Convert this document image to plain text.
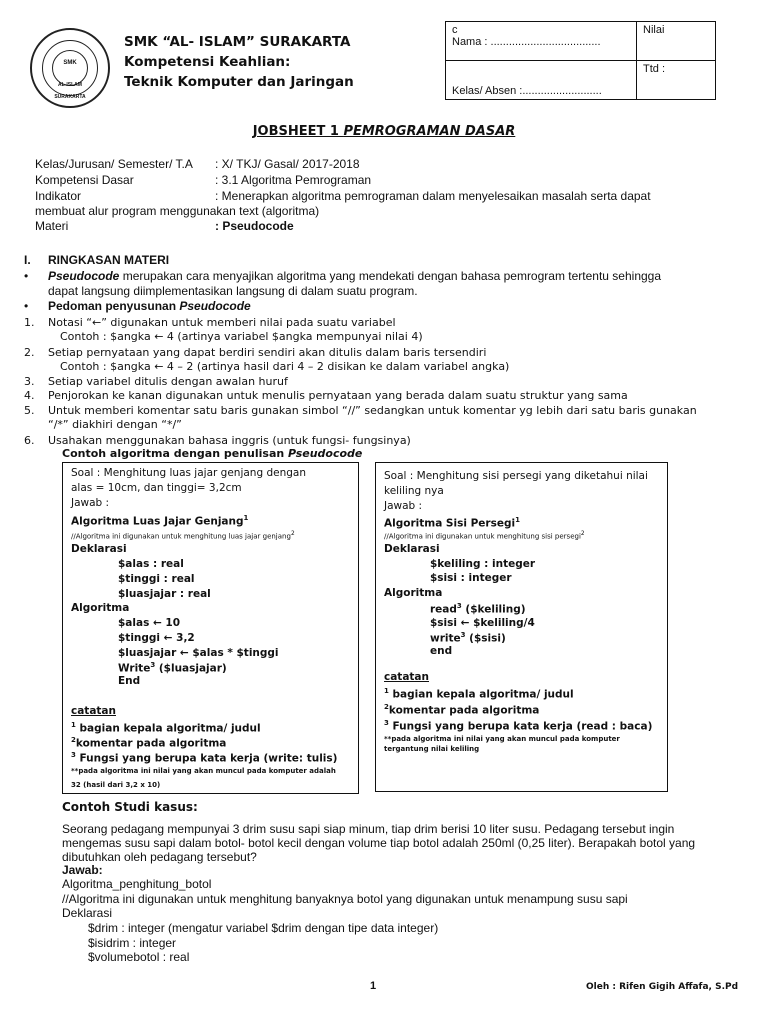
SMK
AL-ISLAM
SURAKARTA
SMK “AL- ISLAM” SURAKARTA
Kompetensi Keahlian:
Teknik Komputer dan Jaringan
c
Nama : ....................................	Nilai
Kelas/ Absen :..........................	Ttd :
JOBSHEET 1 PEMROGRAMAN DASAR
Kelas/Jurusan/ Semester/ T.A : X/ TKJ/ Gasal/ 2017-2018
Kompetensi Dasar	: 3.1 Algoritma Pemrograman
Indikator	: Menerapkan algoritma pemrograman dalam menyelesaikan masalah serta dapat
membuat alur program menggunakan text (algoritma)
Materi	: Pseudocode
I. RINGKASAN MATERI
• Pseudocode merupakan cara menyajikan algoritma yang mendekati dengan bahasa pemrogram tertentu sehingga
dapat langsung diimplementasikan langsung di dalam suatu program.
• Pedoman penyusunan Pseudocode
1. Notasi “←” digunakan untuk memberi nilai pada suatu variabel
Contoh : $angka ← 4 (artinya variabel $angka mempunyai nilai 4)
2. Setiap pernyataan yang dapat berdiri sendiri akan ditulis dalam baris tersendiri
Contoh : $angka ← 4 – 2 (artinya hasil dari 4 – 2 disikan ke dalam variabel angka)
3. Setiap variabel ditulis dengan awalan huruf
4. Penjorokan ke kanan digunakan untuk menulis pernyataan yang berada dalam suatu struktur yang sama
5. Untuk memberi komentar satu baris gunakan simbol “//” sedangkan untuk komentar yg lebih dari satu baris gunakan
“/*” diakhiri dengan “*/”
6. Usahakan menggunakan bahasa inggris (untuk fungsi- fungsinya)
Contoh algoritma dengan penulisan Pseudocode
Soal : Menghitung luas jajar genjang dengan
alas = 10cm, dan tinggi= 3,2cm
Jawab :
Algoritma Luas Jajar Genjang$^1$
//Algoritma ini digunakan untuk menghitung luas jajar genjang$^2$
Deklarasi
$alas : real
$tinggi : real
$luasjajar : real
Algoritma
$alas ← 10
$tinggi ← 3,2
$luasjajar ← $alas * $tinggi
Write$^3$ ($luasjajar)
End
catatan
$^1$ bagian kepala algoritma/ judul
$^2$komentar pada algoritma
$^3$ Fungsi yang berupa kata kerja (write: tulis)
**pada algoritma ini nilai yang akan muncul pada komputer adalah
32 (hasil dari 3,2 x 10)
Soal : Menghitung sisi persegi yang diketahui nilai
keliling nya
Jawab :
Algoritma Sisi Persegi$^1$
//Algoritma ini digunakan untuk menghitung sisi persegi$^2$
Deklarasi
$keliling : integer
$sisi : integer
Algoritma
read$^3$ ($keliling)
$sisi ← $keliling/4
write$^3$ ($sisi)
end
catatan
$^1$ bagian kepala algoritma/ judul
$^2$komentar pada algoritma
$^3$ Fungsi yang berupa kata kerja (read : baca)
**pada algoritma ini nilai yang akan muncul pada komputer
tergantung nilai keliling
Contoh Studi kasus:
Seorang pedagang mempunyai 3 drim susu sapi siap minum, tiap drim berisi 10 liter susu. Pedagang tersebut ingin
mengemas susu sapi dalam botol- botol kecil dengan volume tiap botol adalah 250ml (0,25 liter). Berapakah botol yang
dibutuhkan oleh pedagang tersebut?
Jawab:
Algoritma_penghitung_botol
//Algoritma ini digunakan untuk menghitung banyaknya botol yang digunakan untuk menampung susu sapi
Deklarasi
$drim : integer (mengatur variabel $drim dengan tipe data integer)
$isidrim : integer
$volumebotol : real
1	Oleh : Rifen Gigih Affafa, S.Pd
